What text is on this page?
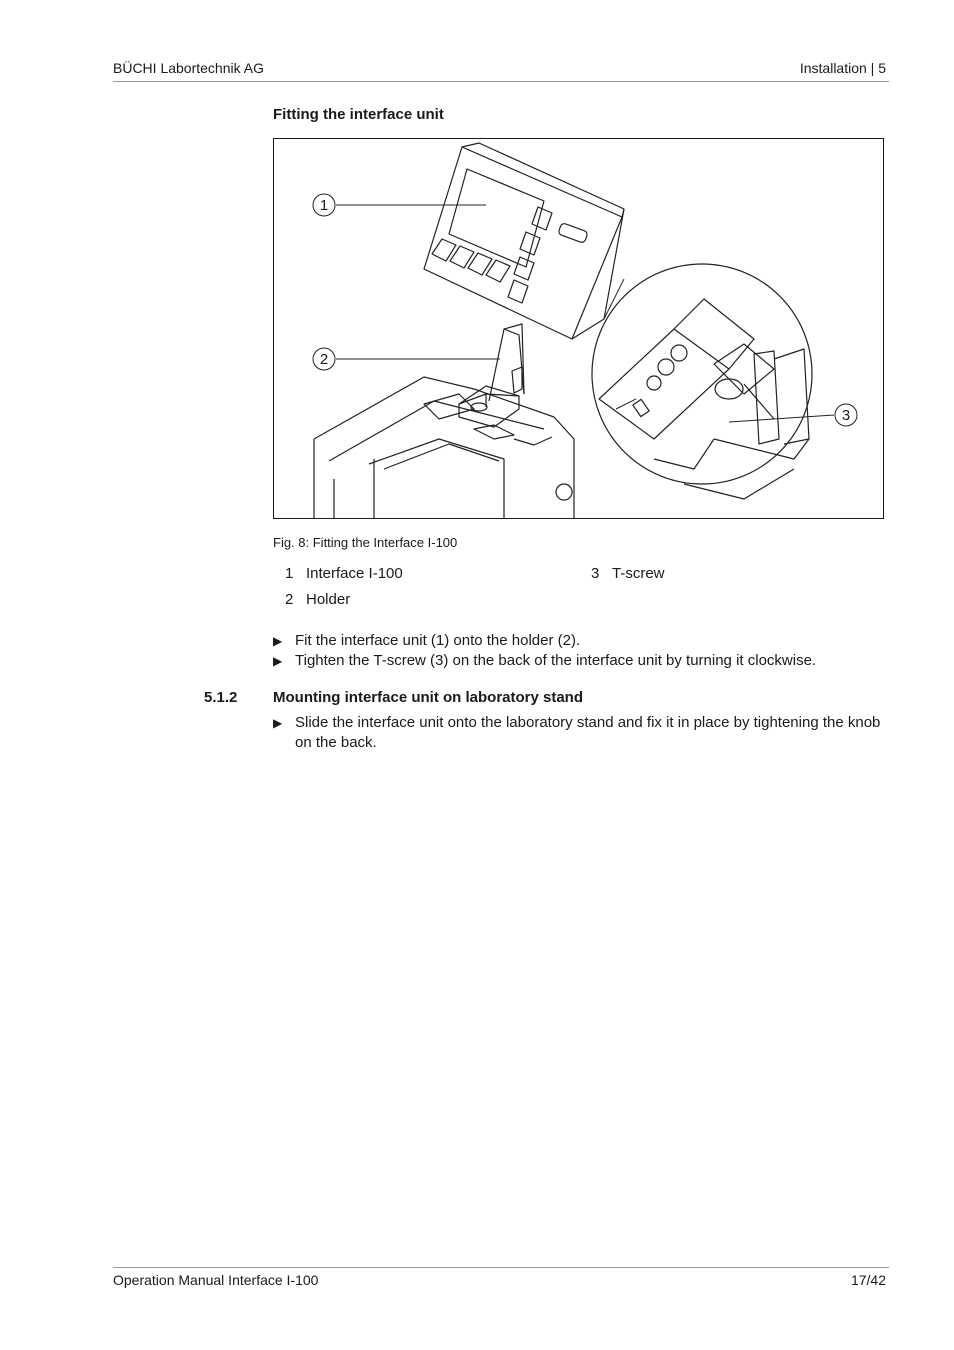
BÜCHI Labortechnik AG	Installation | 5
Fitting the interface unit
1
2
3
Fig. 8: Fitting the Interface I-100
1 Interface I-100
2 Holder
3 T-screw
▶ Fit the interface unit (1) onto the holder (2).
▶ Tighten the T-screw (3) on the back of the interface unit by turning it clockwise.
5.1.2 Mounting interface unit on laboratory stand
▶ Slide the interface unit onto the laboratory stand and fix it in place by tightening the knob on the back.
Operation Manual Interface I-100	17/42
